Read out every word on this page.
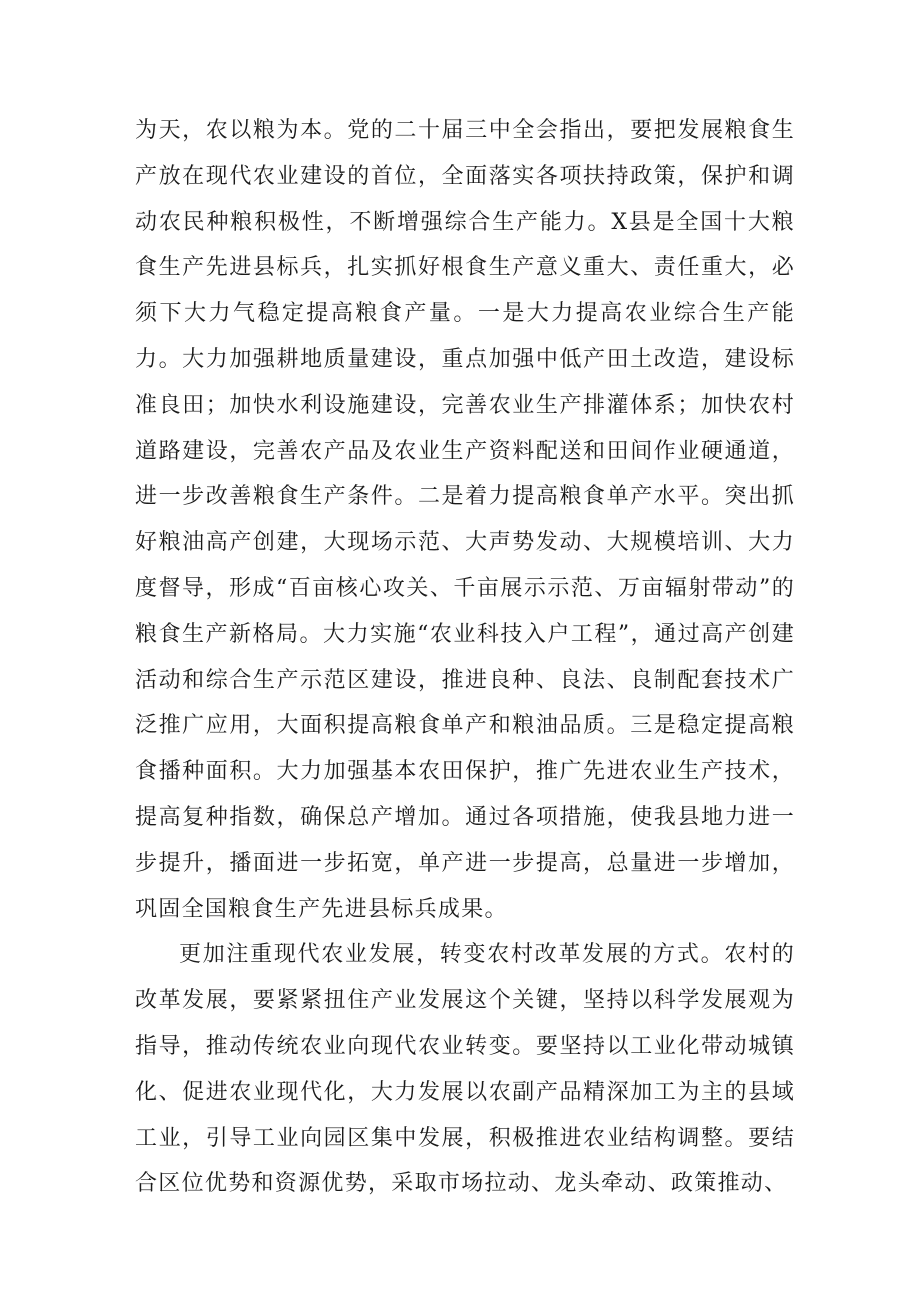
为天，农以粮为本。党的二十届三中全会指出，要把发展粮食生产放在现代农业建设的首位，全面落实各项扶持政策，保护和调动农民种粮积极性，不断增强综合生产能力。X县是全国十大粮食生产先进县标兵，扎实抓好根食生产意义重大、责任重大，必须下大力气稳定提高粮食产量。一是大力提高农业综合生产能力。大力加强耕地质量建设，重点加强中低产田土改造，建设标准良田；加快水利设施建设，完善农业生产排灌体系；加快农村道路建设，完善农产品及农业生产资料配送和田间作业硬通道，进一步改善粮食生产条件。二是着力提高粮食单产水平。突出抓好粮油高产创建，大现场示范、大声势发动、大规模培训、大力度督导，形成“百亩核心攻关、千亩展示示范、万亩辐射带动”的粮食生产新格局。大力实施“农业科技入户工程”，通过高产创建活动和综合生产示范区建设，推进良种、良法、良制配套技术广泛推广应用，大面积提高粮食单产和粮油品质。三是稳定提高粮食播种面积。大力加强基本农田保护，推广先进农业生产技术，提高复种指数，确保总产增加。通过各项措施，使我县地力进一步提升，播面进一步拓宽，单产进一步提高，总量进一步增加，巩固全国粮食生产先进县标兵成果。

更加注重现代农业发展，转变农村改革发展的方式。农村的改革发展，要紧紧扭住产业发展这个关键，坚持以科学发展观为指导，推动传统农业向现代农业转变。要坚持以工业化带动城镇化、促进农业现代化，大力发展以农副产品精深加工为主的县域工业，引导工业向园区集中发展，积极推进农业结构调整。要结合区位优势和资源优势，采取市场拉动、龙头牵动、政策推动、
